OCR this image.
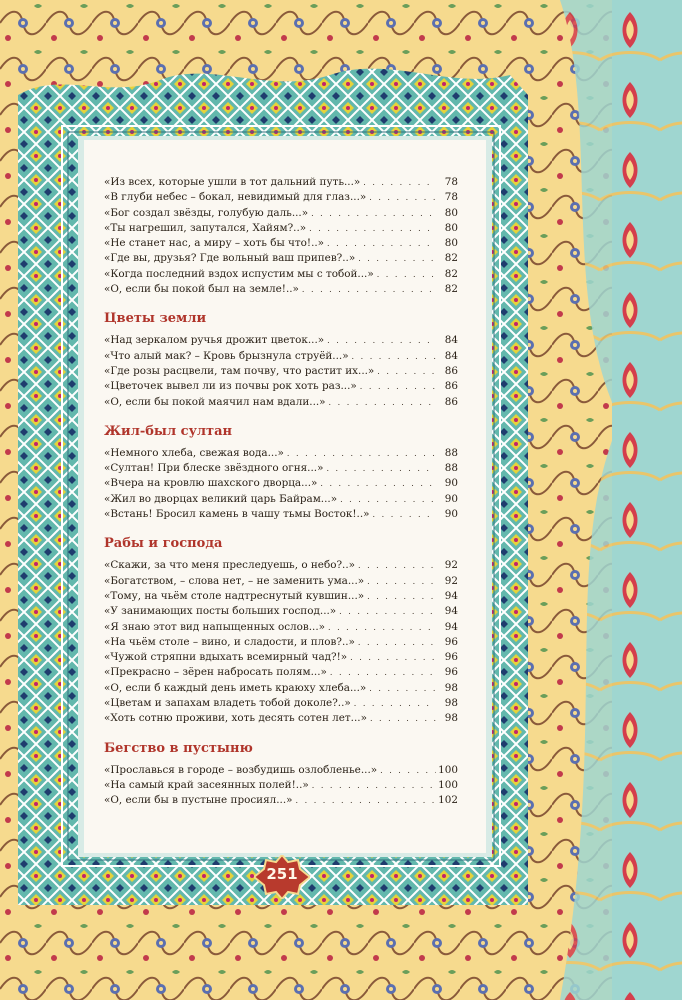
«Из всех, которые ушли в тот дальний путь...» . . .	78
«В глуби небес – бокал, невидимый для глаз...» . . .	78
«Бог создал звёзды, голубую даль...» . . .	80
«Ты нагрешил, запутался, Хайям?..» . . .	80
«Не станет нас, а миру – хоть бы что!..» . . .	80
«Где вы, друзья? Где вольный ваш припев?..» . . .	82
«Когда последний вздох испустим мы с тобой...» . . .	82
«О, если бы покой был на земле!..» . . .	82
Цветы земли
«Над зеркалом ручья дрожит цветок...» . . .	84
«Что алый мак? – Кровь брызнула струёй...» . . .	84
«Где розы расцвели, там почву, что растит их...» . . .	86
«Цветочек вывел ли из почвы рок хоть раз...» . . .	86
«О, если бы покой маячил нам вдали...» . . .	86
Жил-был султан
«Немного хлеба, свежая вода...» . . .	88
«Султан! При блеске звёздного огня...» . . .	88
«Вчера на кровлю шахского дворца...» . . .	90
«Жил во дворцах великий царь Байрам...» . . .	90
«Встань! Бросил камень в чашу тьмы Восток!..» . . .	90
Рабы и господа
«Скажи, за что меня преследуешь, о небо?..» . . .	92
«Богатством, – слова нет, – не заменить ума...» . . .	92
«Тому, на чьём столе надтреснутый кувшин...» . . .	94
«У занимающих посты больших господ...» . . .	94
«Я знаю этот вид напыщенных ослов...» . . .	94
«На чьём столе – вино, и сладости, и плов?..» . . .	96
«Чужой стряпни вдыхать всемирный чад?!» . . .	96
«Прекрасно – зёрен набросать полям...» . . .	96
«О, если б каждый день иметь краюху хлеба...» . . .	98
«Цветам и запахам владеть тобой доколе?..» . . .	98
«Хоть сотню проживи, хоть десять сотен лет...» . . .	98
Бегство в пустыню
«Прославься в городе – возбудишь озлобленье...» . . .	100
«На самый край засеянных полей!..» . . .	100
«О, если бы в пустыне просиял...» . . .	102
251
